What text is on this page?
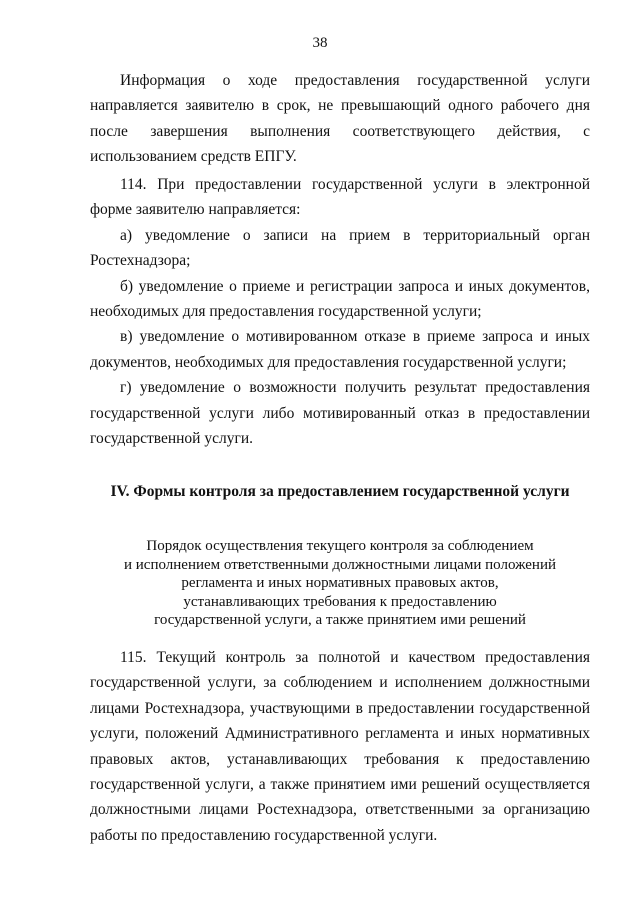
38

Информация о ходе предоставления государственной услуги направляется заявителю в срок, не превышающий одного рабочего дня после завершения выполнения соответствующего действия, с использованием средств ЕПГУ.

114. При предоставлении государственной услуги в электронной форме заявителю направляется:
а) уведомление о записи на прием в территориальный орган Ростехнадзора;
б) уведомление о приеме и регистрации запроса и иных документов, необходимых для предоставления государственной услуги;
в) уведомление о мотивированном отказе в приеме запроса и иных документов, необходимых для предоставления государственной услуги;
г) уведомление о возможности получить результат предоставления государственной услуги либо мотивированный отказ в предоставлении государственной услуги.
IV. Формы контроля за предоставлением государственной услуги
Порядок осуществления текущего контроля за соблюдением
и исполнением ответственными должностными лицами положений
регламента и иных нормативных правовых актов,
устанавливающих требования к предоставлению
государственной услуги, а также принятием ими решений

115. Текущий контроль за полнотой и качеством предоставления государственной услуги, за соблюдением и исполнением должностными лицами Ростехнадзора, участвующими в предоставлении государственной услуги, положений Административного регламента и иных нормативных правовых актов, устанавливающих требования к предоставлению государственной услуги, а также принятием ими решений осуществляется должностными лицами Ростехнадзора, ответственными за организацию работы по предоставлению государственной услуги.
